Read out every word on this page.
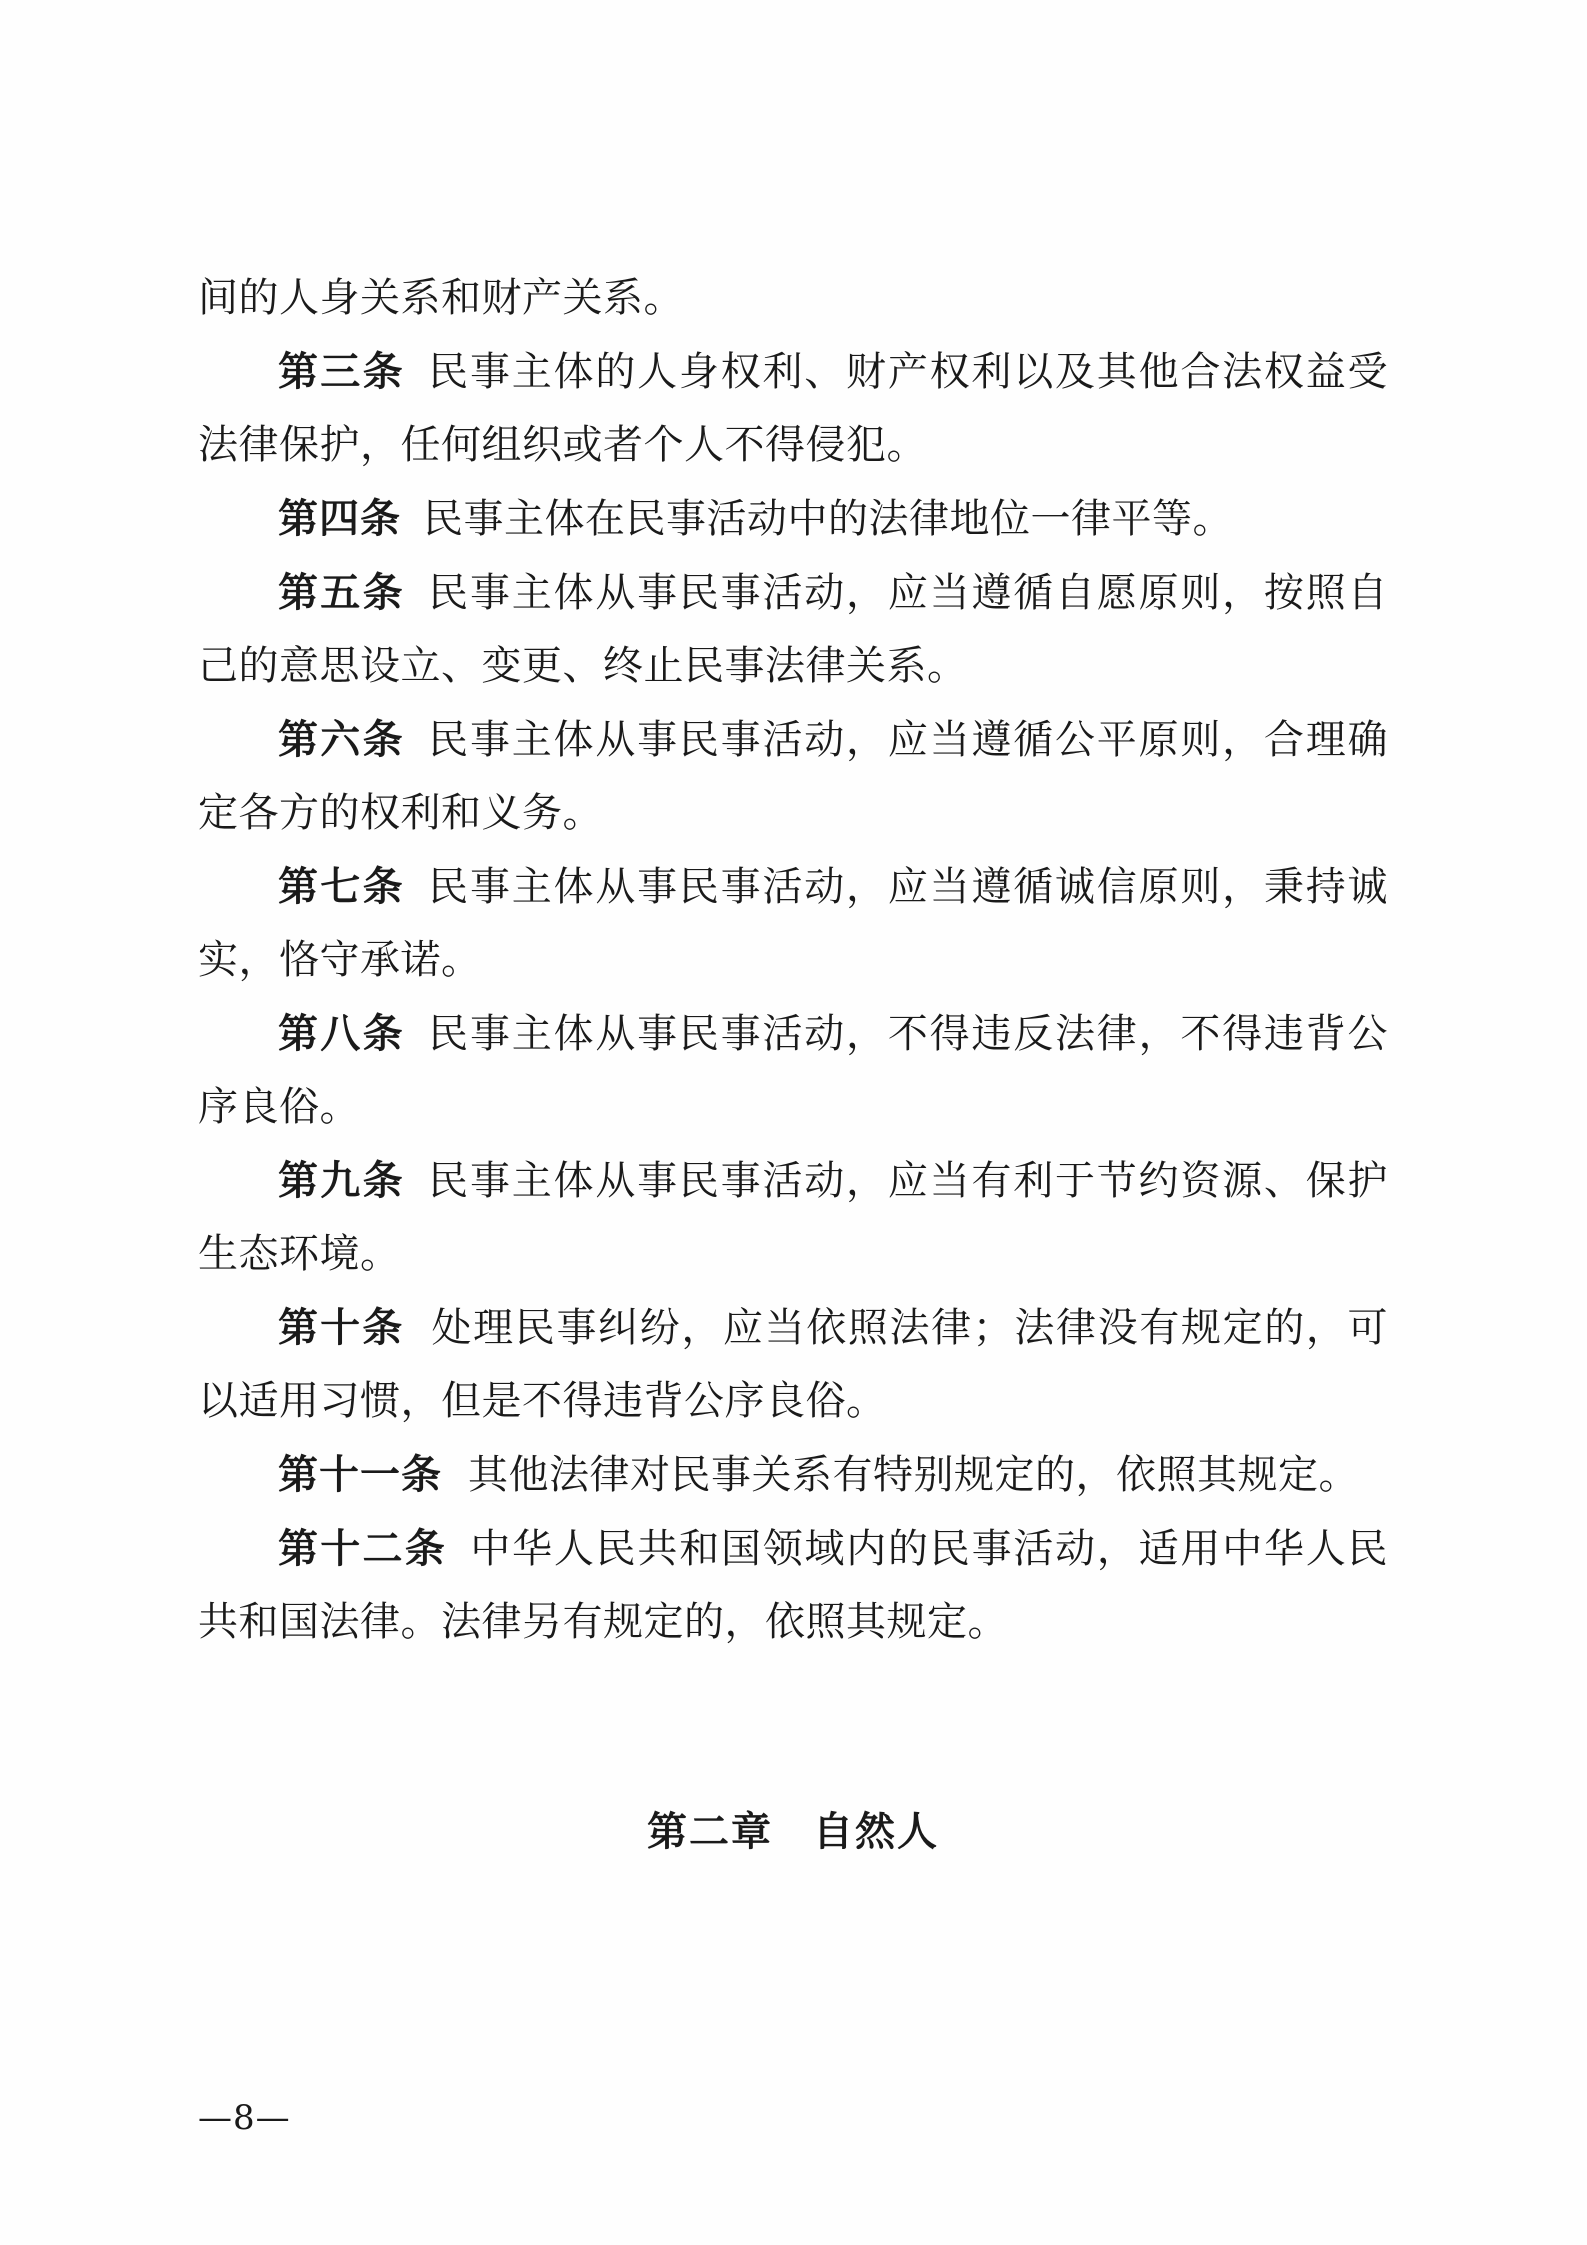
间的人身关系和财产关系。

第三条 民事主体的人身权利、财产权利以及其他合法权益受法律保护，任何组织或者个人不得侵犯。

第四条 民事主体在民事活动中的法律地位一律平等。

第五条 民事主体从事民事活动，应当遵循自愿原则，按照自己的意思设立、变更、终止民事法律关系。

第六条 民事主体从事民事活动，应当遵循公平原则，合理确定各方的权利和义务。

第七条 民事主体从事民事活动，应当遵循诚信原则，秉持诚实，恪守承诺。

第八条 民事主体从事民事活动，不得违反法律，不得违背公序良俗。

第九条 民事主体从事民事活动，应当有利于节约资源、保护生态环境。

第十条 处理民事纠纷，应当依照法律；法律没有规定的，可以适用习惯，但是不得违背公序良俗。

第十一条 其他法律对民事关系有特别规定的，依照其规定。

第十二条 中华人民共和国领域内的民事活动，适用中华人民共和国法律。法律另有规定的，依照其规定。

第二章 自然人
—8—
